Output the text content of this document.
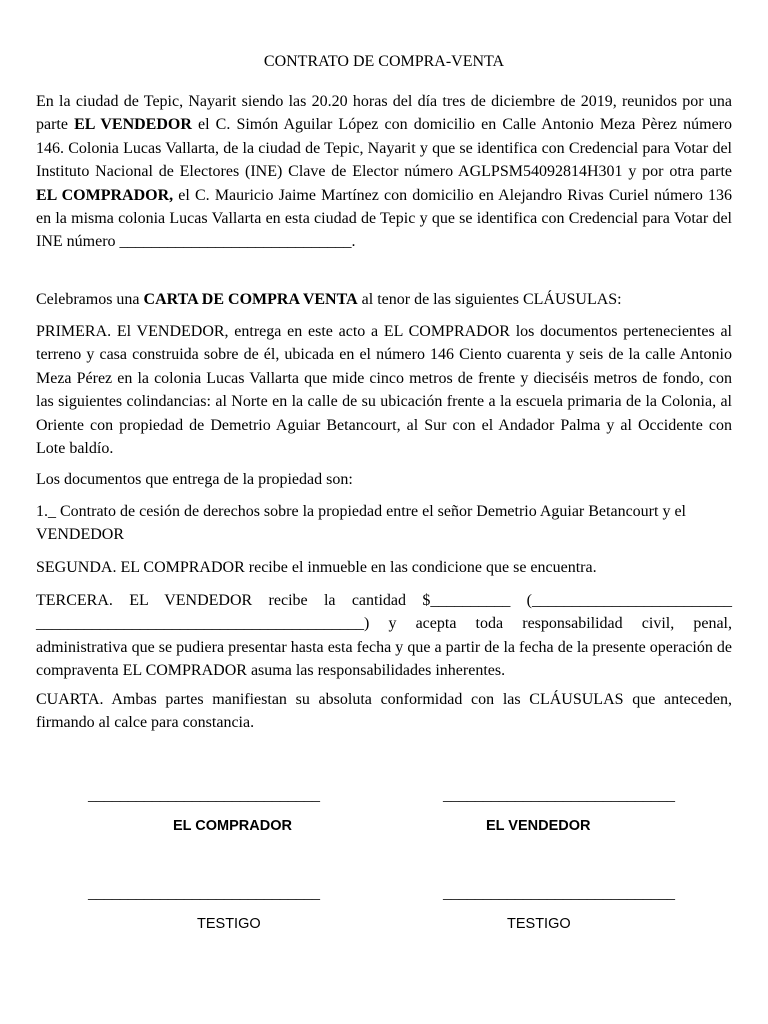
CONTRATO DE COMPRA-VENTA

En la ciudad de Tepic, Nayarit siendo las 20.20 horas del día tres de diciembre de 2019, reunidos por una parte EL VENDEDOR el C. Simón Aguilar López con domicilio en Calle Antonio Meza Pèrez número 146. Colonia Lucas Vallarta, de la ciudad de Tepic, Nayarit y que se identifica con Credencial para Votar del Instituto Nacional de Electores (INE) Clave de Elector número AGLPSM54092814H301 y por otra parte EL COMPRADOR, el C. Mauricio Jaime Martínez con domicilio en Alejandro Rivas Curiel número 136 en la misma colonia Lucas Vallarta en esta ciudad de Tepic y que se identifica con Credencial para Votar del INE número _____________________________.

Celebramos una CARTA DE COMPRA VENTA al tenor de las siguientes CLÁUSULAS:

PRIMERA. El VENDEDOR, entrega en este acto a EL COMPRADOR los documentos pertenecientes al terreno y casa construida sobre de él, ubicada en el número 146 Ciento cuarenta y seis de la calle Antonio Meza Pérez en la colonia Lucas Vallarta que mide cinco metros de frente y dieciséis metros de fondo, con las siguientes colindancias: al Norte en la calle de su ubicación frente a la escuela primaria de la Colonia, al Oriente con propiedad de Demetrio Aguiar Betancourt, al Sur con el Andador Palma y al Occidente con Lote baldío.

Los documentos que entrega de la propiedad son:

1._ Contrato de cesión de derechos sobre la propiedad entre el señor Demetrio Aguiar Betancourt y el VENDEDOR

SEGUNDA. EL COMPRADOR recibe el inmueble en las condicione que se encuentra.

TERCERA. EL VENDEDOR recibe la cantidad $__________ (_________________________ _________________________________________) y acepta toda responsabilidad civil, penal, administrativa que se pudiera presentar hasta esta fecha y que a partir de la fecha de la presente operación de compraventa EL COMPRADOR asuma las responsabilidades inherentes.

CUARTA. Ambas partes manifiestan su absoluta conformidad con las CLÁUSULAS que anteceden, firmando al calce para constancia.

_____________________________	_____________________________
EL COMPRADOR	EL VENDEDOR
_____________________________	_____________________________
TESTIGO	TESTIGO
